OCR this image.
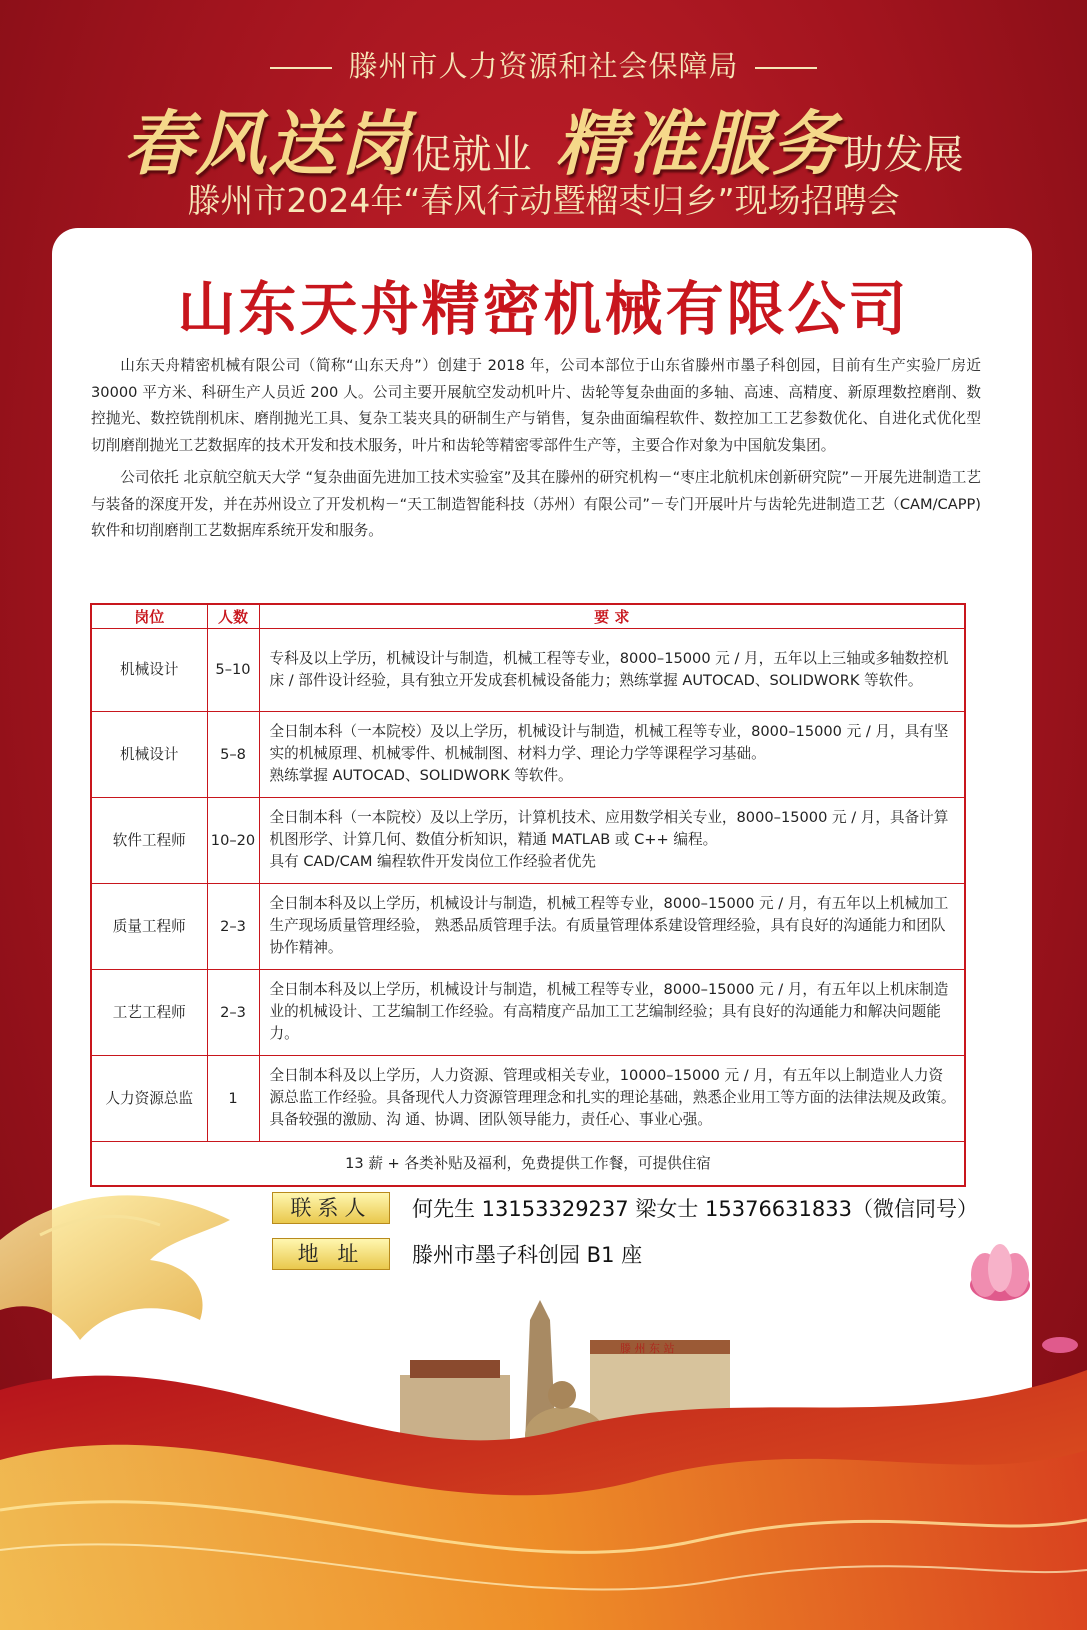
滕州市人力资源和社会保障局
春风送岗促就业 精准服务助发展
滕州市2024年“春风行动暨榴枣归乡”现场招聘会
山东天舟精密机械有限公司

山东天舟精密机械有限公司（简称“山东天舟”）创建于 2018 年，公司本部位于山东省滕州市墨子科创园，目前有生产实验厂房近 30000 平方米、科研生产人员近 200 人。公司主要开展航空发动机叶片、齿轮等复杂曲面的多轴、高速、高精度、新原理数控磨削、数控抛光、数控铣削机床、磨削抛光工具、复杂工装夹具的研制生产与销售，复杂曲面编程软件、数控加工工艺参数优化、自进化式优化型切削磨削抛光工艺数据库的技术开发和技术服务，叶片和齿轮等精密零部件生产等，主要合作对象为中国航发集团。

公司依托 北京航空航天大学 “复杂曲面先进加工技术实验室”及其在滕州的研究机构－“枣庄北航机床创新研究院”－开展先进制造工艺与装备的深度开发，并在苏州设立了开发机构－“天工制造智能科技（苏州）有限公司”－专门开展叶片与齿轮先进制造工艺（CAM/CAPP) 软件和切削磨削工艺数据库系统开发和服务。

岗位	人数	要 求
机械设计	5–10	专科及以上学历，机械设计与制造，机械工程等专业，8000–15000 元 / 月，五年以上三轴或多轴数控机床 / 部件设计经验，具有独立开发成套机械设备能力；熟练掌握 AUTOCAD、SOLIDWORK 等软件。
机械设计	5–8	全日制本科（一本院校）及以上学历，机械设计与制造，机械工程等专业，8000–15000 元 / 月，具有坚实的机械原理、机械零件、机械制图、材料力学、理论力学等课程学习基础。
熟练掌握 AUTOCAD、SOLIDWORK 等软件。
软件工程师	10–20	全日制本科（一本院校）及以上学历，计算机技术、应用数学相关专业，8000–15000 元 / 月，具备计算机图形学、计算几何、数值分析知识，精通 MATLAB 或 C++ 编程。
具有 CAD/CAM 编程软件开发岗位工作经验者优先
质量工程师	2–3	全日制本科及以上学历，机械设计与制造，机械工程等专业，8000–15000 元 / 月，有五年以上机械加工生产现场质量管理经验， 熟悉品质管理手法。有质量管理体系建设管理经验，具有良好的沟通能力和团队协作精神。
工艺工程师	2–3	全日制本科及以上学历，机械设计与制造，机械工程等专业，8000–15000 元 / 月，有五年以上机床制造业的机械设计、工艺编制工作经验。有高精度产品加工工艺编制经验；具有良好的沟通能力和解决问题能力。
人力资源总监	1	全日制本科及以上学历，人力资源、管理或相关专业，10000–15000 元 / 月，有五年以上制造业人力资源总监工作经验。具备现代人力资源管理理念和扎实的理论基础，熟悉企业用工等方面的法律法规及政策。具备较强的激励、沟 通、协调、团队领导能力，责任心、事业心强。
13 薪 + 各类补贴及福利，免费提供工作餐，可提供住宿		
滕 州 东 站
联系人 何先生 13153329237 梁女士 15376631833（微信同号）
地 址 滕州市墨子科创园 B1 座
